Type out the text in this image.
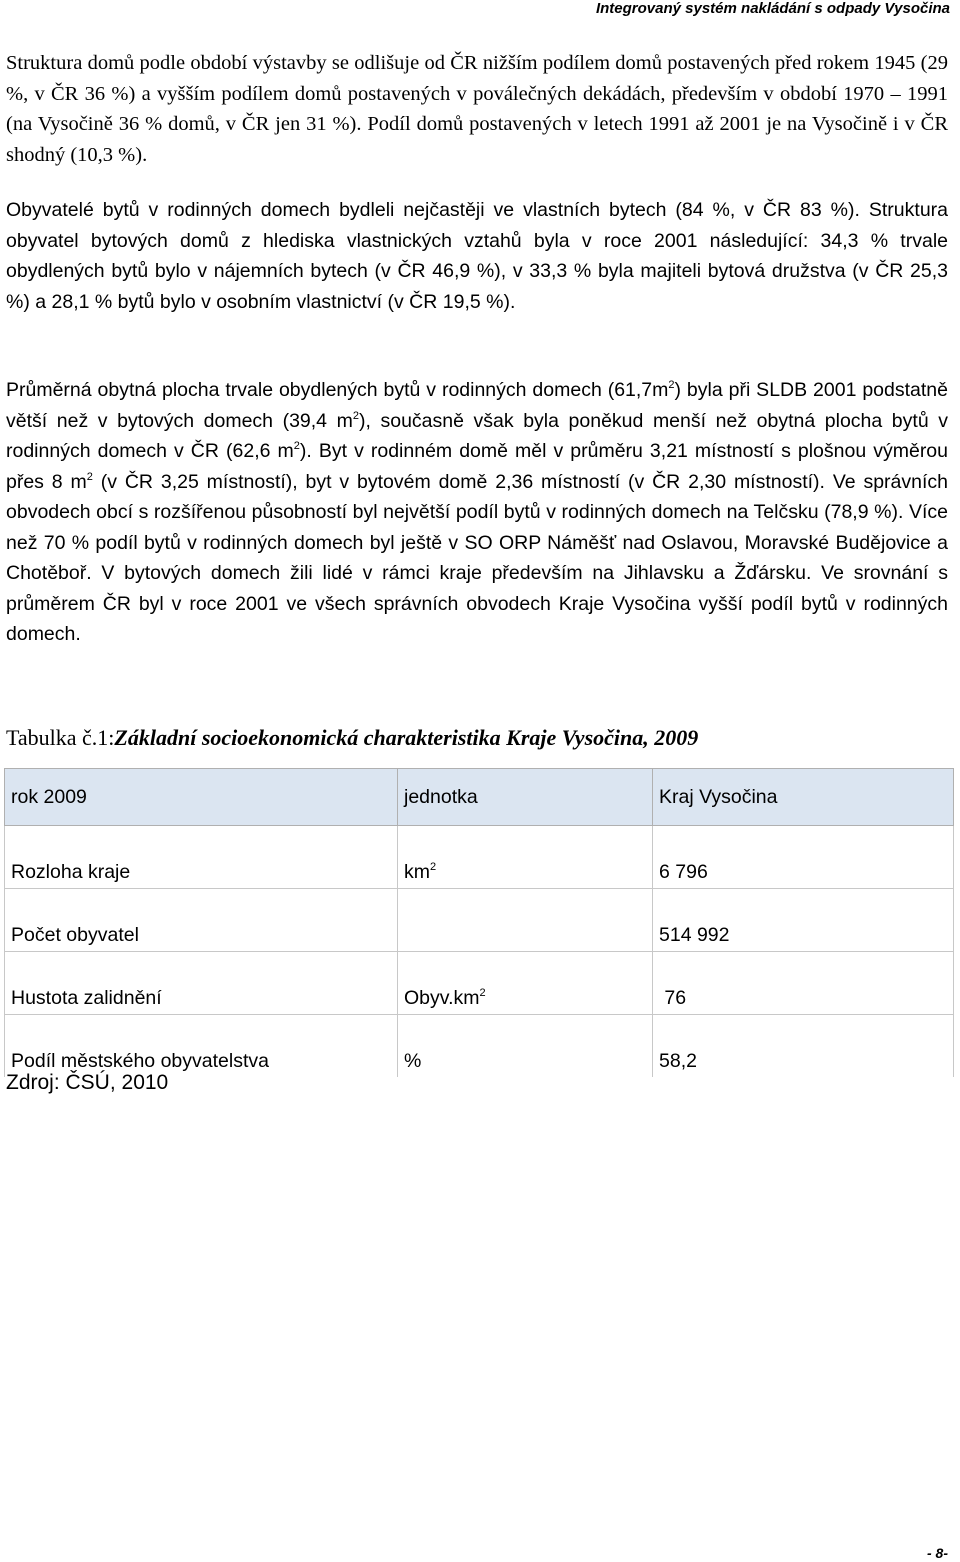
Integrovaný systém nakládání s odpady Vysočina

Struktura domů podle období výstavby se odlišuje od ČR nižším podílem domů postavených před rokem 1945 (29 %, v ČR 36 %) a vyšším podílem domů postavených v poválečných dekádách, především v období 1970 – 1991 (na Vysočině 36 % domů, v ČR jen 31 %). Podíl domů postavených v letech 1991 až 2001 je na Vysočině i v ČR shodný (10,3 %).

Obyvatelé bytů v rodinných domech bydleli nejčastěji ve vlastních bytech (84 %, v ČR 83 %). Struktura obyvatel bytových domů z hlediska vlastnických vztahů byla v roce 2001 následující: 34,3 % trvale obydlených bytů bylo v nájemních bytech (v ČR 46,9 %), v 33,3 % byla majiteli bytová družstva (v ČR 25,3 %) a 28,1 % bytů bylo v osobním vlastnictví (v ČR 19,5 %).

Průměrná obytná plocha trvale obydlených bytů v rodinných domech $(61,7m^2)$ byla při SLDB 2001 podstatně větší než v bytových domech (39,4 $m^2$), současně však byla poněkud menší než obytná plocha bytů v rodinných domech v ČR (62,6 $m^2$). Byt v rodinném domě měl v průměru 3,21 místností s plošnou výměrou přes 8 $m^2$ (v ČR 3,25 místností), byt v bytovém domě 2,36 místností (v ČR 2,30 místností). Ve správních obvodech obcí s rozšířenou působností byl největší podíl bytů v rodinných domech na Telčsku (78,9 %). Více než 70 % podíl bytů v rodinných domech byl ještě v SO ORP Náměšť nad Oslavou, Moravské Budějovice a Chotěboř. V bytových domech žili lidé v rámci kraje především na Jihlavsku a Žďársku. Ve srovnání s průměrem ČR byl v roce 2001 ve všech správních obvodech Kraje Vysočina vyšší podíl bytů v rodinných domech.

Tabulka č.1:Základní socioekonomická charakteristika Kraje Vysočina, 2009
rok 2009	jednotka	Kraj Vysočina
Rozloha kraje	$km^2$	6 796
Počet obyvatel		514 992
Hustota zalidnění	$Obyv.km^2$	76
Podíl městského obyvatelstva	%	58,2
Zdroj: ČSÚ, 2010
- 8-
